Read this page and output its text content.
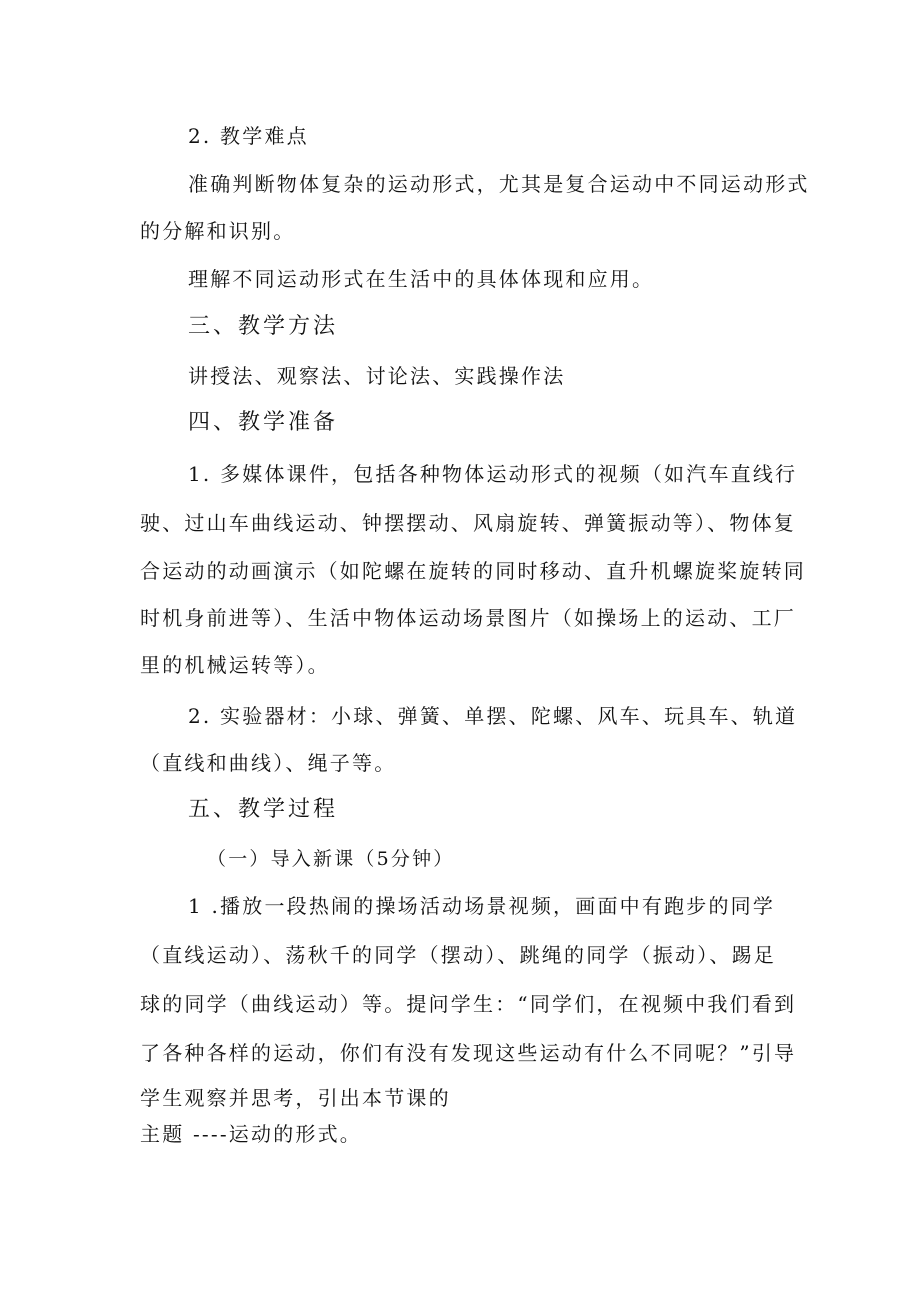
2. 教学难点
准确判断物体复杂的运动形式，尤其是复合运动中不同运动形式
的分解和识别。
理解不同运动形式在生活中的具体体现和应用。
三、教学方法
讲授法、观察法、讨论法、实践操作法
四、教学准备
1. 多媒体课件，包括各种物体运动形式的视频（如汽车直线行
驶、过山车曲线运动、钟摆摆动、风扇旋转、弹簧振动等）、物体复
合运动的动画演示（如陀螺在旋转的同时移动、直升机螺旋桨旋转同
时机身前进等）、生活中物体运动场景图片（如操场上的运动、工厂
里的机械运转等）。
2. 实验器材：小球、弹簧、单摆、陀螺、风车、玩具车、轨道
（直线和曲线）、绳子等。
五、教学过程
（一）导入新课（5分钟）
1 .播放一段热闹的操场活动场景视频，画面中有跑步的同学
（直线运动）、荡秋千的同学（摆动）、跳绳的同学（振动）、踢足
球的同学（曲线运动）等。提问学生：“同学们，在视频中我们看到
了各种各样的运动，你们有没有发现这些运动有什么不同呢？”引导
学生观察并思考，引出本节课的
主题 ----运动的形式。
